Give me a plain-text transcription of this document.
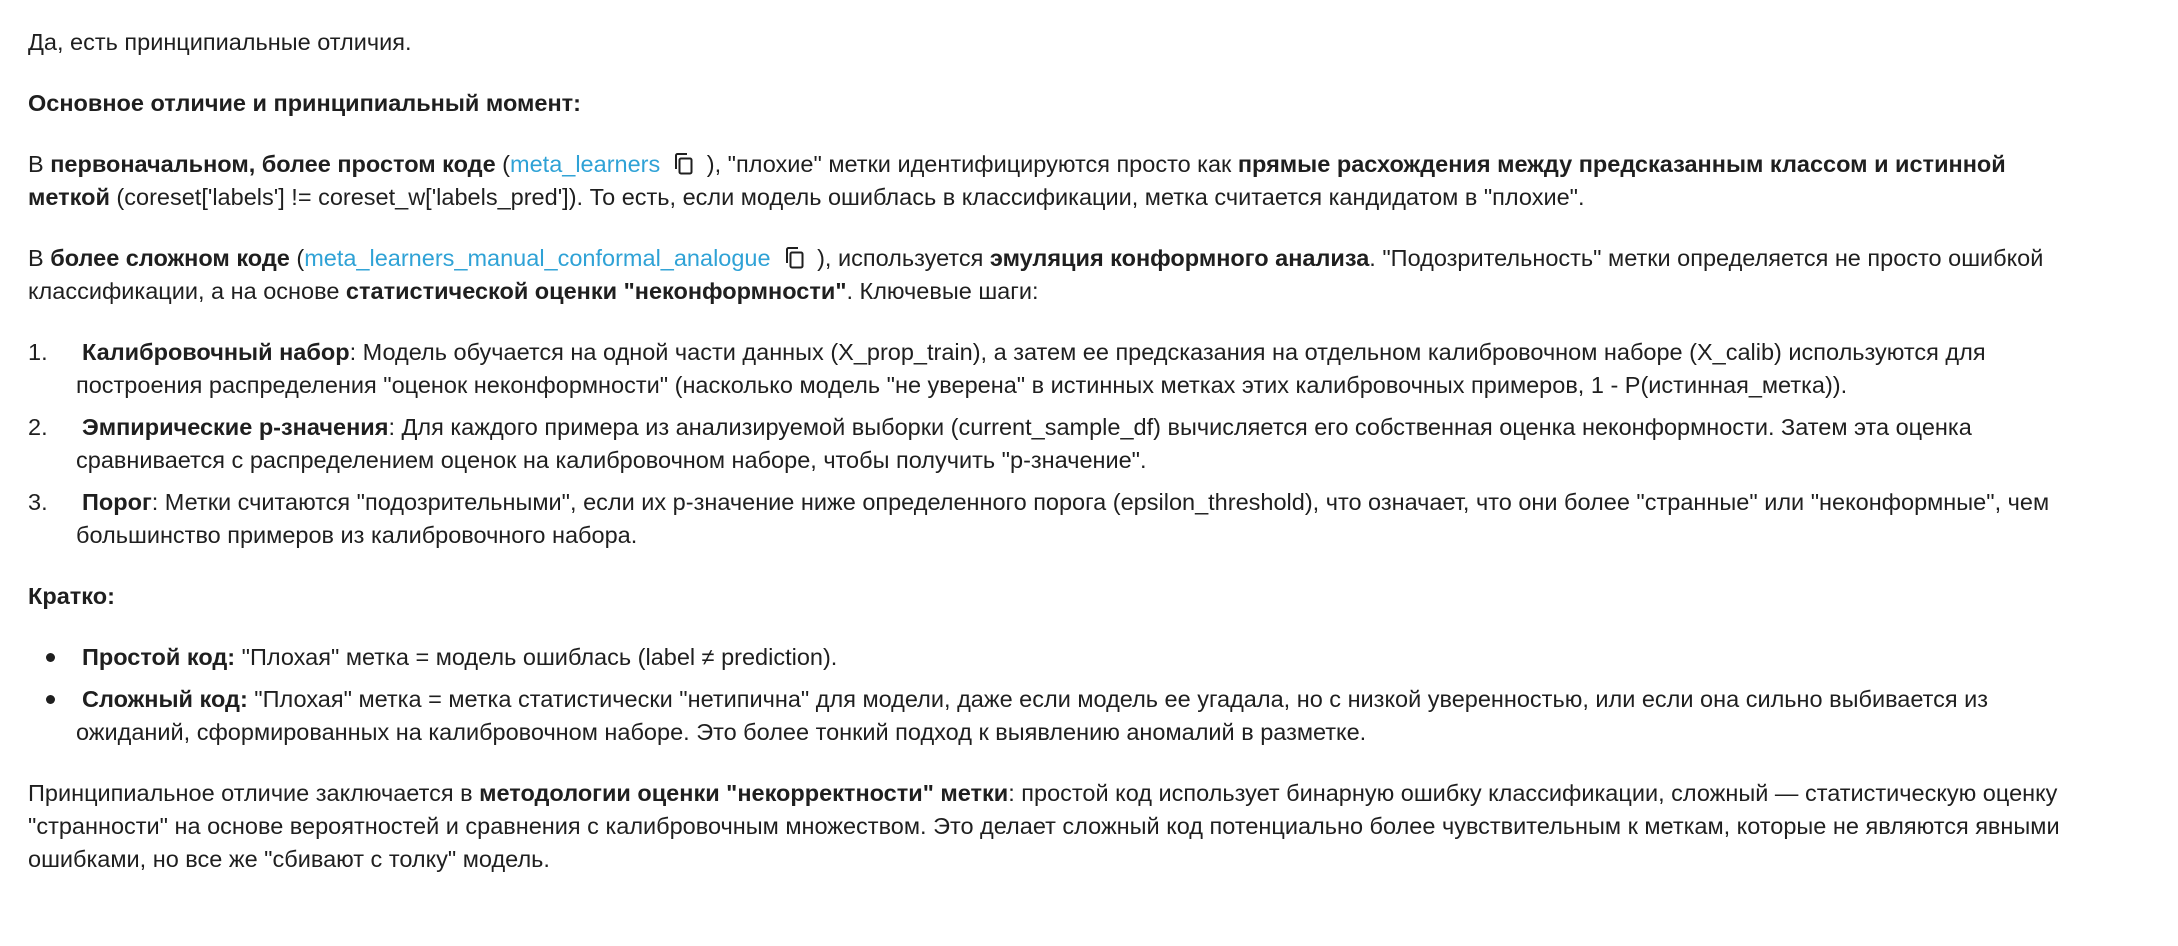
Да, есть принципиальные отличия.

Основное отличие и принципиальный момент:

В первоначальном, более простом коде (meta_learners ), "плохие" метки идентифицируются просто как прямые расхождения между предсказанным классом и истинной меткой (coreset['labels'] != coreset_w['labels_pred']). То есть, если модель ошиблась в классификации, метка считается кандидатом в "плохие".

В более сложном коде (meta_learners_manual_conformal_analogue ), используется эмуляция конформного анализа. "Подозрительность" метки определяется не просто ошибкой классификации, а на основе статистической оценки "неконформности". Ключевые шаги:

1. Калибровочный набор: Модель обучается на одной части данных (X_prop_train), а затем ее предсказания на отдельном калибровочном наборе (X_calib) используются для построения распределения "оценок неконформности" (насколько модель "не уверена" в истинных метках этих калибровочных примеров, 1 - P(истинная_метка)).
2. Эмпирические p-значения: Для каждого примера из анализируемой выборки (current_sample_df) вычисляется его собственная оценка неконформности. Затем эта оценка сравнивается с распределением оценок на калибровочном наборе, чтобы получить "p-значение".
3. Порог: Метки считаются "подозрительными", если их p-значение ниже определенного порога (epsilon_threshold), что означает, что они более "странные" или "неконформные", чем большинство примеров из калибровочного набора.

Кратко:

Простой код: "Плохая" метка = модель ошиблась (label ≠ prediction).
Сложный код: "Плохая" метка = метка статистически "нетипична" для модели, даже если модель ее угадала, но с низкой уверенностью, или если она сильно выбивается из ожиданий, сформированных на калибровочном наборе. Это более тонкий подход к выявлению аномалий в разметке.

Принципиальное отличие заключается в методологии оценки "некорректности" метки: простой код использует бинарную ошибку классификации, сложный — статистическую оценку "странности" на основе вероятностей и сравнения с калибровочным множеством. Это делает сложный код потенциально более чувствительным к меткам, которые не являются явными ошибками, но все же "сбивают с толку" модель.
